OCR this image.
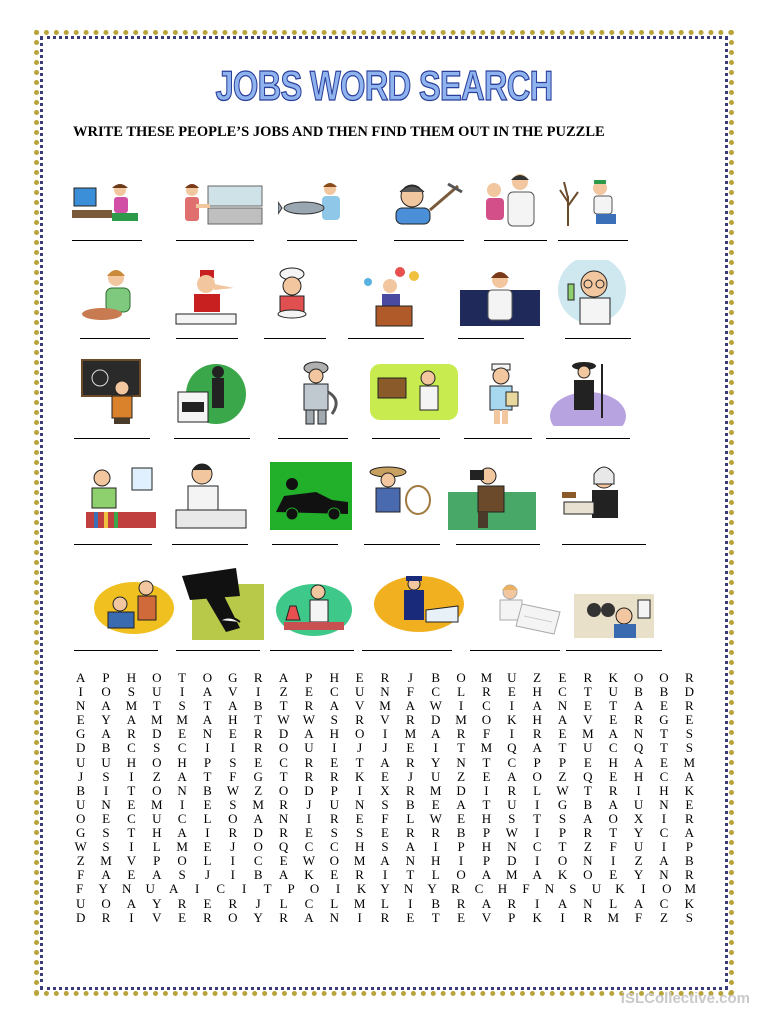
JOBS WORD SEARCH
WRITE THESE PEOPLE’S JOBS AND THEN FIND THEM OUT IN THE PUZZLE
A	P	H	O	T	O	G	R	A	P	H	E	R	J	B	O	M	U	Z	E	R	K	O	O	R
I	O	S	U	I	A	V	I	Z	E	C	U	N	F	C	L	R	E	H	C	T	U	B	B	D
N	A	M	T	S	T	A	B	T	R	A	V	M	A	W	I	C	I	A	N	E	T	A	E	R
E	Y	A	M	M	A	H	T	W	W	S	R	V	R	D	M	O	K	H	A	V	E	R	G	E
G	A	R	D	E	N	E	R	D	A	H	O	I	M	A	R	F	I	R	E	M	A	N	T	S
D	B	C	S	C	I	I	R	O	U	I	J	J	E	I	T	M	Q	A	T	U	C	Q	T	S
U	U	H	O	H	P	S	E	C	R	E	T	A	R	Y	N	T	C	P	P	E	H	A	E	M
J	S	I	Z	A	T	F	G	T	R	R	K	E	J	U	Z	E	A	O	Z	Q	E	H	C	A
B	I	T	O	N	B	W	Z	O	D	P	I	X	R	M	D	I	R	L	W	T	R	I	H	K
U	N	E	M	I	E	S	M	R	J	U	N	S	B	E	A	T	U	I	G	B	A	U	N	E
O	E	C	U	C	L	O	A	N	I	R	E	F	L	W	E	H	S	T	S	A	O	X	I	R
G	S	T	H	A	I	R	D	R	E	S	S	E	R	R	B	P	W	I	P	R	T	Y	C	A
W	S	I	L	M	E	J	O	Q	C	C	H	S	A	I	P	H	N	C	T	Z	F	U	I	P
Z	M	V	P	O	L	I	C	E	W	O	M	A	N	H	I	P	D	I	O	N	I	Z	A	B
F	A	E	A	S	J	I	B	A	K	E	R	I	T	L	O	A	M	A	K	O	E	Y	N	R
F	Y	N	U	A	I	C	I	T	P	O	I	K	Y	N	Y	R	C	H	F	N	S	U	K	I	O	M
U	O	A	Y	R	E	R	J	L	C	L	M	L	I	B	R	A	R	I	A	N	L	A	C	K
D	R	I	V	E	R	O	Y	R	A	N	I	R	E	T	E	V	P	K	I	R	M	F	Z	S
iSLCollective.com
